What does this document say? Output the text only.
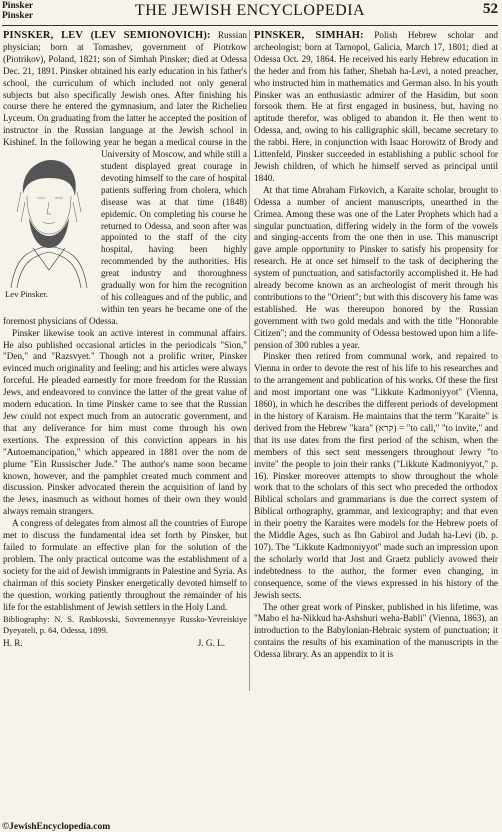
Pinsker
Pinsker	THE JEWISH ENCYCLOPEDIA	52

PINSKER, LEV (LEV SEMIONOVICH): Russian physician; born at Tomashev, government of Piotrkow (Piotrikov), Poland, 1821; son of Simhah Pinsker; died at Odessa Dec. 21, 1891. Pinsker obtained his early education in his father's school, the curriculum of which included not only general subjects but also specifically Jewish ones. After finishing his course there he entered the gymnasium, and later the Richelieu Lyceum. On graduating from the latter he accepted the position of instructor in the Russian language at the Jewish school in Kishinef. In the following year he began a medical course in the University of Moscow,
Lev Pinsker.
and while still a student displayed great courage in devoting himself to the care of hospital patients suffering from cholera, which disease was at that time (1848) epidemic. On completing his course he returned to Odessa, and soon after was appointed to the staff of the city hospital, having been highly recommended by the authorities. His great industry and thoroughness gradually won for him the recognition of his colleagues and of the public, and within ten years he became one of the foremost physicians of Odessa.

Pinsker likewise took an active interest in communal affairs. He also published occasional articles in the periodicals "Sion," "Den," and "Razsvyet." Though not a prolific writer, Pinsker evinced much originality and feeling; and his articles were always forceful. He pleaded earnestly for more freedom for the Russian Jews, and endeavored to convince the latter of the great value of modern education. In time Pinsker came to see that the Russian Jew could not expect much from an autocratic government, and that any deliverance for him must come through his own exertions. The expression of this conviction appears in his "Autoemancipation," which appeared in 1881 over the nom de plume "Ein Russischer Jude." The author's name soon became known, however, and the pamphlet created much comment and discussion. Pinsker advocated therein the acquisition of land by the Jews, inasmuch as without homes of their own they would always remain strangers.

A congress of delegates from almost all the countries of Europe met to discuss the fundamental idea set forth by Pinsker, but failed to formulate an effective plan for the solution of the problem. The only practical outcome was the establishment of a society for the aid of Jewish immigrants in Palestine and Syria. As chairman of this society Pinsker energetically devoted himself to the question, working patiently throughout the remainder of his life for the establishment of Jewish settlers in the Holy Land.

Bibliography: N. S. Rasbkovski, Sovremennyye Russko-Yevreiskiye Dyeyateli, p. 64, Odessa, 1899.

H. R.	J. G. L.

PINSKER, SIMHAH: Polish Hebrew scholar and archeologist; born at Tarnopol, Galicia, March 17, 1801; died at Odessa Oct. 29, 1864. He received his early Hebrew education in the heder and from his father, Shebah ha-Levi, a noted preacher, who instructed him in mathematics and German also. In his youth Pinsker was an enthusiastic admirer of the Hasidim, but soon forsook them. He at first engaged in business, but, having no aptitude therefor, was obliged to abandon it. He then went to Odessa, and, owing to his calligraphic skill, became secretary to the rabbi. Here, in conjunction with Isaac Horowitz of Brody and Littenfeld, Pinsker succeeded in establishing a public school for Jewish children, of which he himself served as principal until 1840.

At that time Abraham Firkovich, a Karaite scholar, brought to Odessa a number of ancient manuscripts, unearthed in the Crimea. Among these was one of the Later Prophets which had a singular punctuation, differing widely in the form of the vowels and singing-accents from the one then in use. This manuscript gave ample opportunity to Pinsker to satisfy his propensity for research. He at once set himself to the task of deciphering the system of punctuation, and satisfactorily accomplished it. He had already become known as an archeologist of merit through his contributions to the "Orient"; but with this discovery his fame was established. He was thereupon honored by the Russian government with two gold medals and with the title "Honorable Citizen"; and the community of Odessa bestowed upon him a life-pension of 300 rubles a year.

Pinsker then retired from communal work, and repaired to Vienna in order to devote the rest of his life to his researches and to the arrangement and publication of his works. Of these the first and most important one was "Likkute Kadmoniyyot" (Vienna, 1860), in which he describes the different periods of development in the history of Karaism. He maintains that the term "Karaite" is derived from the Hebrew "kara" (קרא) = "to call," "to invite," and that its use dates from the first period of the schism, when the members of this sect sent messengers throughout Jewry "to invite" the people to join their ranks ("Likkute Kadmoniyyot," p. 16). Pinsker moreover attempts to show throughout the whole work that to the scholars of this sect who preceded the orthodox Biblical scholars and grammarians is due the correct system of Biblical orthography, grammar, and lexicography; and that even in their poetry the Karaites were models for the Hebrew poets of the Middle Ages, such as Ibn Gabirol and Judah ha-Levi (ib. p. 107). The "Likkute Kadmoniyyot" made such an impression upon the scholarly world that Jost and Graetz publicly avowed their indebtedness to the author, the former even changing, in consequence, some of the views expressed in his history of the Jewish sects.

The other great work of Pinsker, published in his lifetime, was "Mabo el ha-Nikkud ha-Ashshuri weha-Babli" (Vienna, 1863), an introduction to the Babylonian-Hebraic system of punctuation; it contains the results of his examination of the manuscripts in the Odessa library. As an appendix to it is

©JewishEncyclopedia.com
